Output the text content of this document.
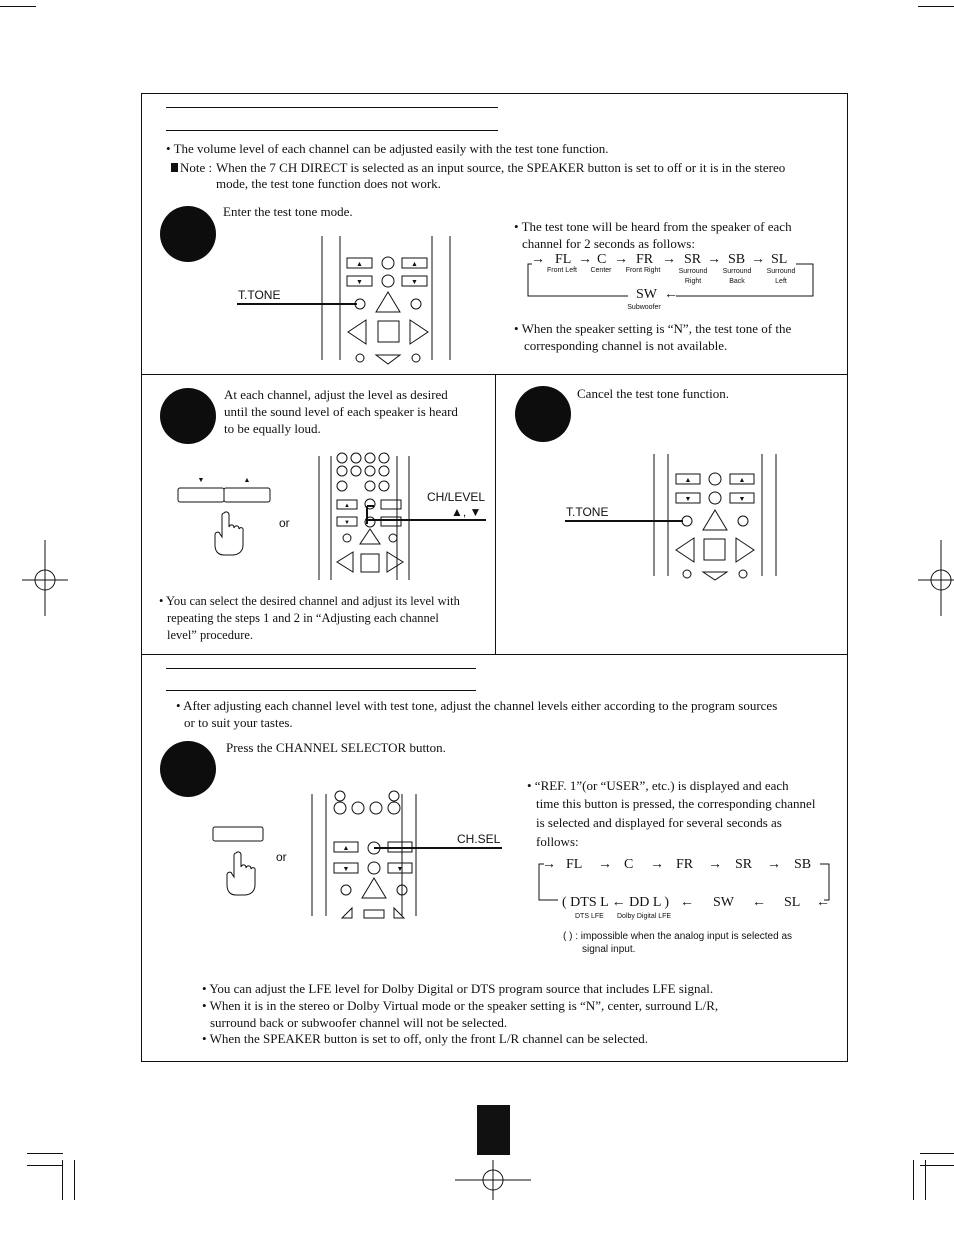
• The volume level of each channel can be adjusted easily with the test tone function.
Note : When the 7 CH DIRECT is selected as an input source, the SPEAKER button is set to off or it is in the stereo
mode, the test tone function does not work.
Enter the test tone mode.
▲	▲
▼	▼
T.TONE
• The test tone will be heard from the speaker of each
channel for 2 seconds as follows:
→ FL → C → FR → SR → SB → SL
Front Left	Center	Front Right	Surround Right
Surround Back
Surround Left
SW ←
Subwoofer
• When the speaker setting is “N”, the test tone of the
corresponding channel is not available.
At each channel, adjust the level as desired
until the sound level of each speaker is heard
to be equally loud.
▼	▲
or
▲
▼
CH/LEVEL
▲, ▼
• You can select the desired channel and adjust its level with
repeating the steps 1 and 2 in “Adjusting each channel
level” procedure.
Cancel the test tone function.
▲	▲
▼	▼
T.TONE
• After adjusting each channel level with test tone, adjust the channel levels either according to the program sources
or to suit your tastes.
Press the CHANNEL SELECTOR button.
or
▲
▼	▼
CH.SEL
• “REF. 1”(or “USER”, etc.) is displayed and each
time this button is pressed, the corresponding channel
is selected and displayed for several seconds as
follows:
→ FL → C → FR → SR → SB
( DTS L ← DD L ) ← SW ← SL ←
DTS LFE Dolby Digital LFE
( ) : impossible when the analog input is selected as
signal input.
• You can adjust the LFE level for Dolby Digital or DTS program source that includes LFE signal.
• When it is in the stereo or Dolby Virtual mode or the speaker setting is “N”, center, surround L/R,
surround back or subwoofer channel will not be selected.
• When the SPEAKER button is set to off, only the front L/R channel can be selected.
